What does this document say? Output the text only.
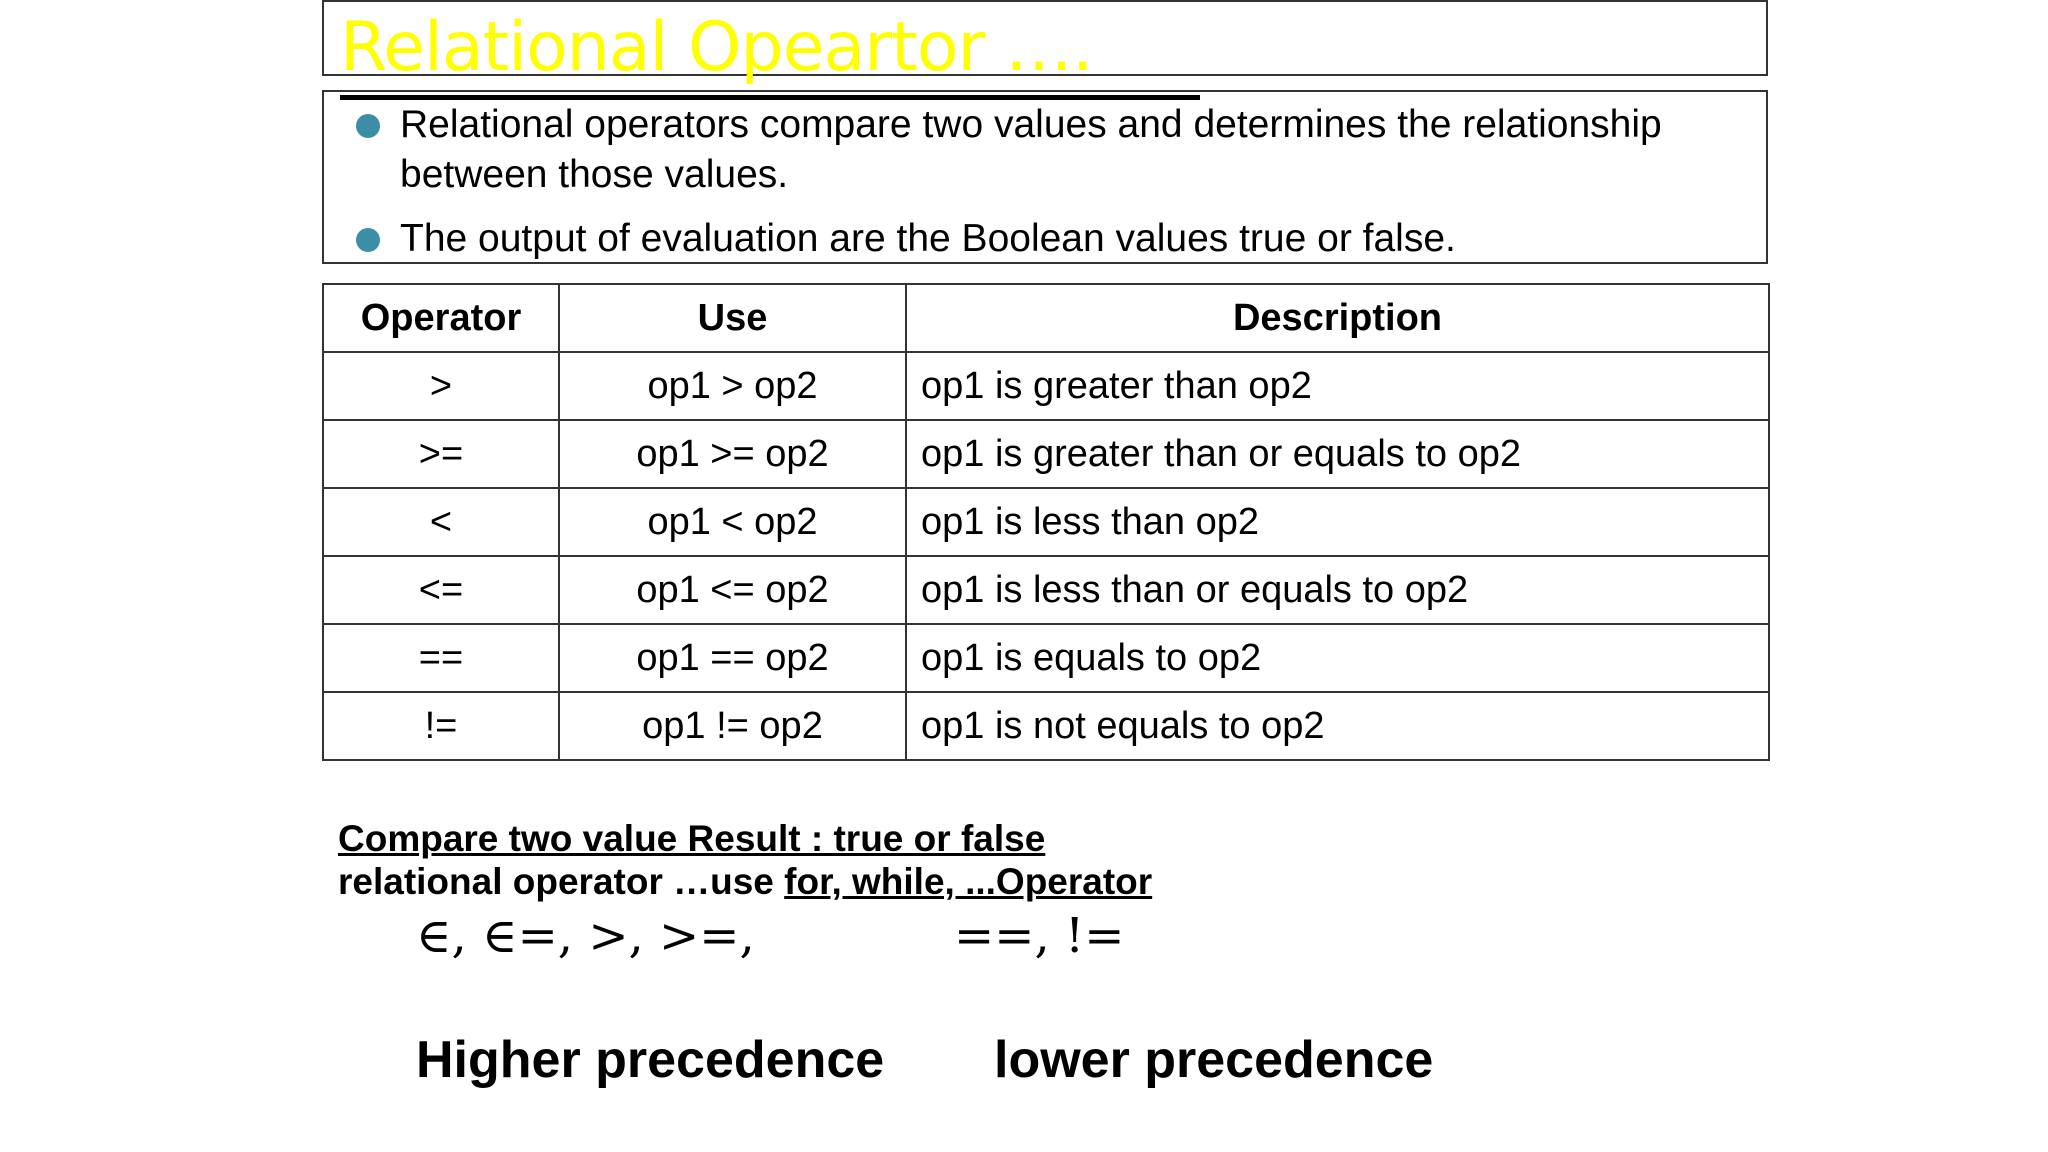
Relational Opeartor ….
Relational operators compare two values and determines the relationship between those values.
The output of evaluation are the Boolean values true or false.
Operator	Use	Description
>	op1 > op2	op1 is greater than op2
>=	op1 >= op2	op1 is greater than or equals to op2
<	op1 < op2	op1 is less than op2
<=	op1 <= op2	op1 is less than or equals to op2
==	op1 == op2	op1 is equals to op2
!=	op1 != op2	op1 is not equals to op2
Compare two value Result : true or false
relational operator …use for, while, ...Operator
∈, ∈=, >, >=,	==, !=
Higher precedence lower precedence
